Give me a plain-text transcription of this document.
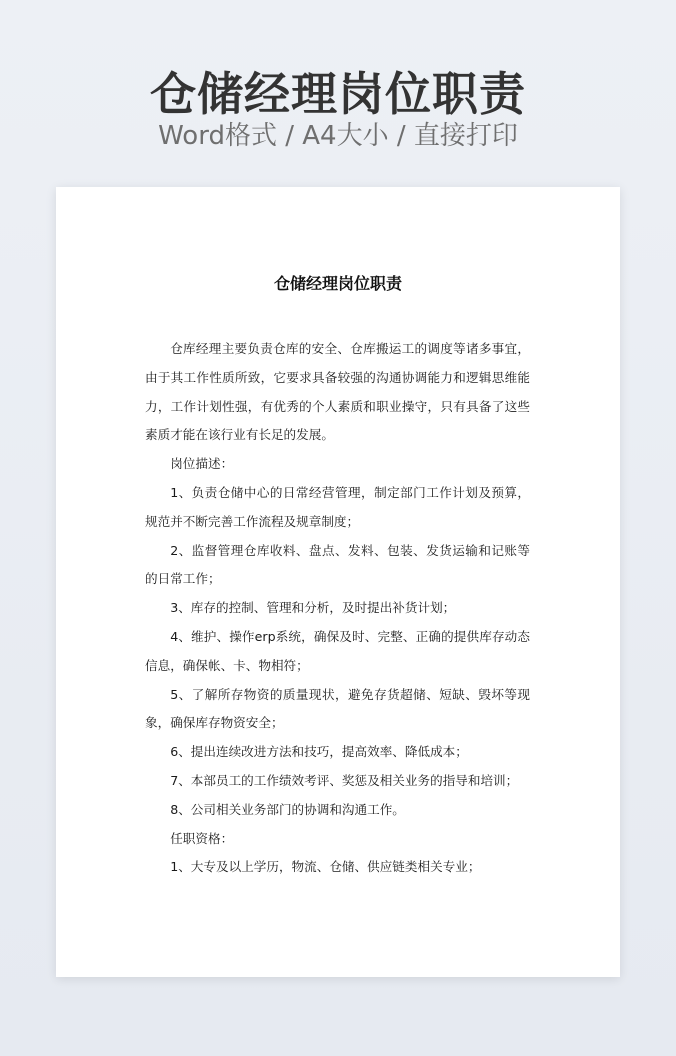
仓储经理岗位职责
Word格式 / A4大小 / 直接打印
仓储经理岗位职责

仓库经理主要负责仓库的安全、仓库搬运工的调度等诸多事宜，由于其工作性质所致，它要求具备较强的沟通协调能力和逻辑思维能力，工作计划性强，有优秀的个人素质和职业操守，只有具备了这些素质才能在该行业有长足的发展。

岗位描述：

1、负责仓储中心的日常经营管理，制定部门工作计划及预算，规范并不断完善工作流程及规章制度；

2、监督管理仓库收料、盘点、发料、包装、发货运输和记账等的日常工作；

3、库存的控制、管理和分析，及时提出补货计划；

4、维护、操作erp系统，确保及时、完整、正确的提供库存动态信息，确保帐、卡、物相符；

5、了解所存物资的质量现状，避免存货超储、短缺、毁坏等现象，确保库存物资安全；

6、提出连续改进方法和技巧，提高效率、降低成本；

7、本部员工的工作绩效考评、奖惩及相关业务的指导和培训；

8、公司相关业务部门的协调和沟通工作。

任职资格：

1、大专及以上学历，物流、仓储、供应链类相关专业；
